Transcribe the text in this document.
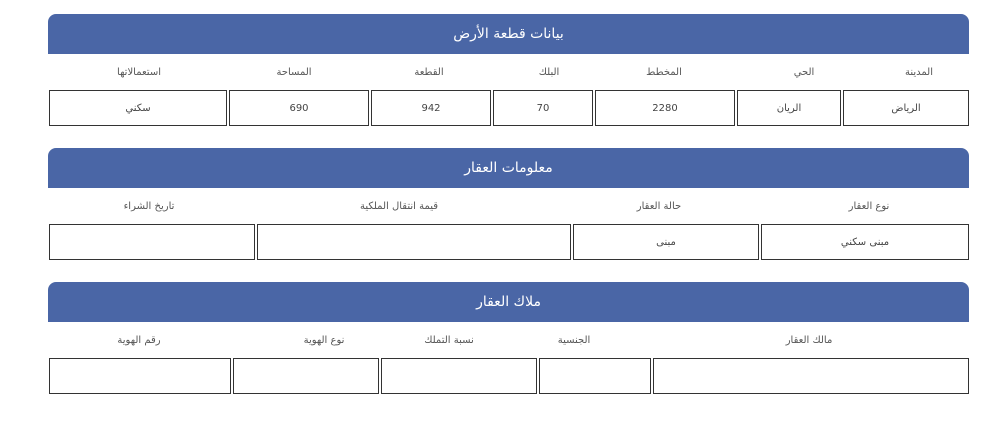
بيانات قطعة الأرض
المدينة
الحي
المخطط
البلك
القطعة
المساحة
استعمالاتها
الرياض
الريان
2280
70
942
690
سكني
معلومات العقار
نوع العقار
حالة العقار
قيمة انتقال الملكية
تاريخ الشراء
مبنى سكني
مبنى
ملاك العقار
مالك العقار
الجنسية
نسبة التملك
نوع الهوية
رقم الهوية
